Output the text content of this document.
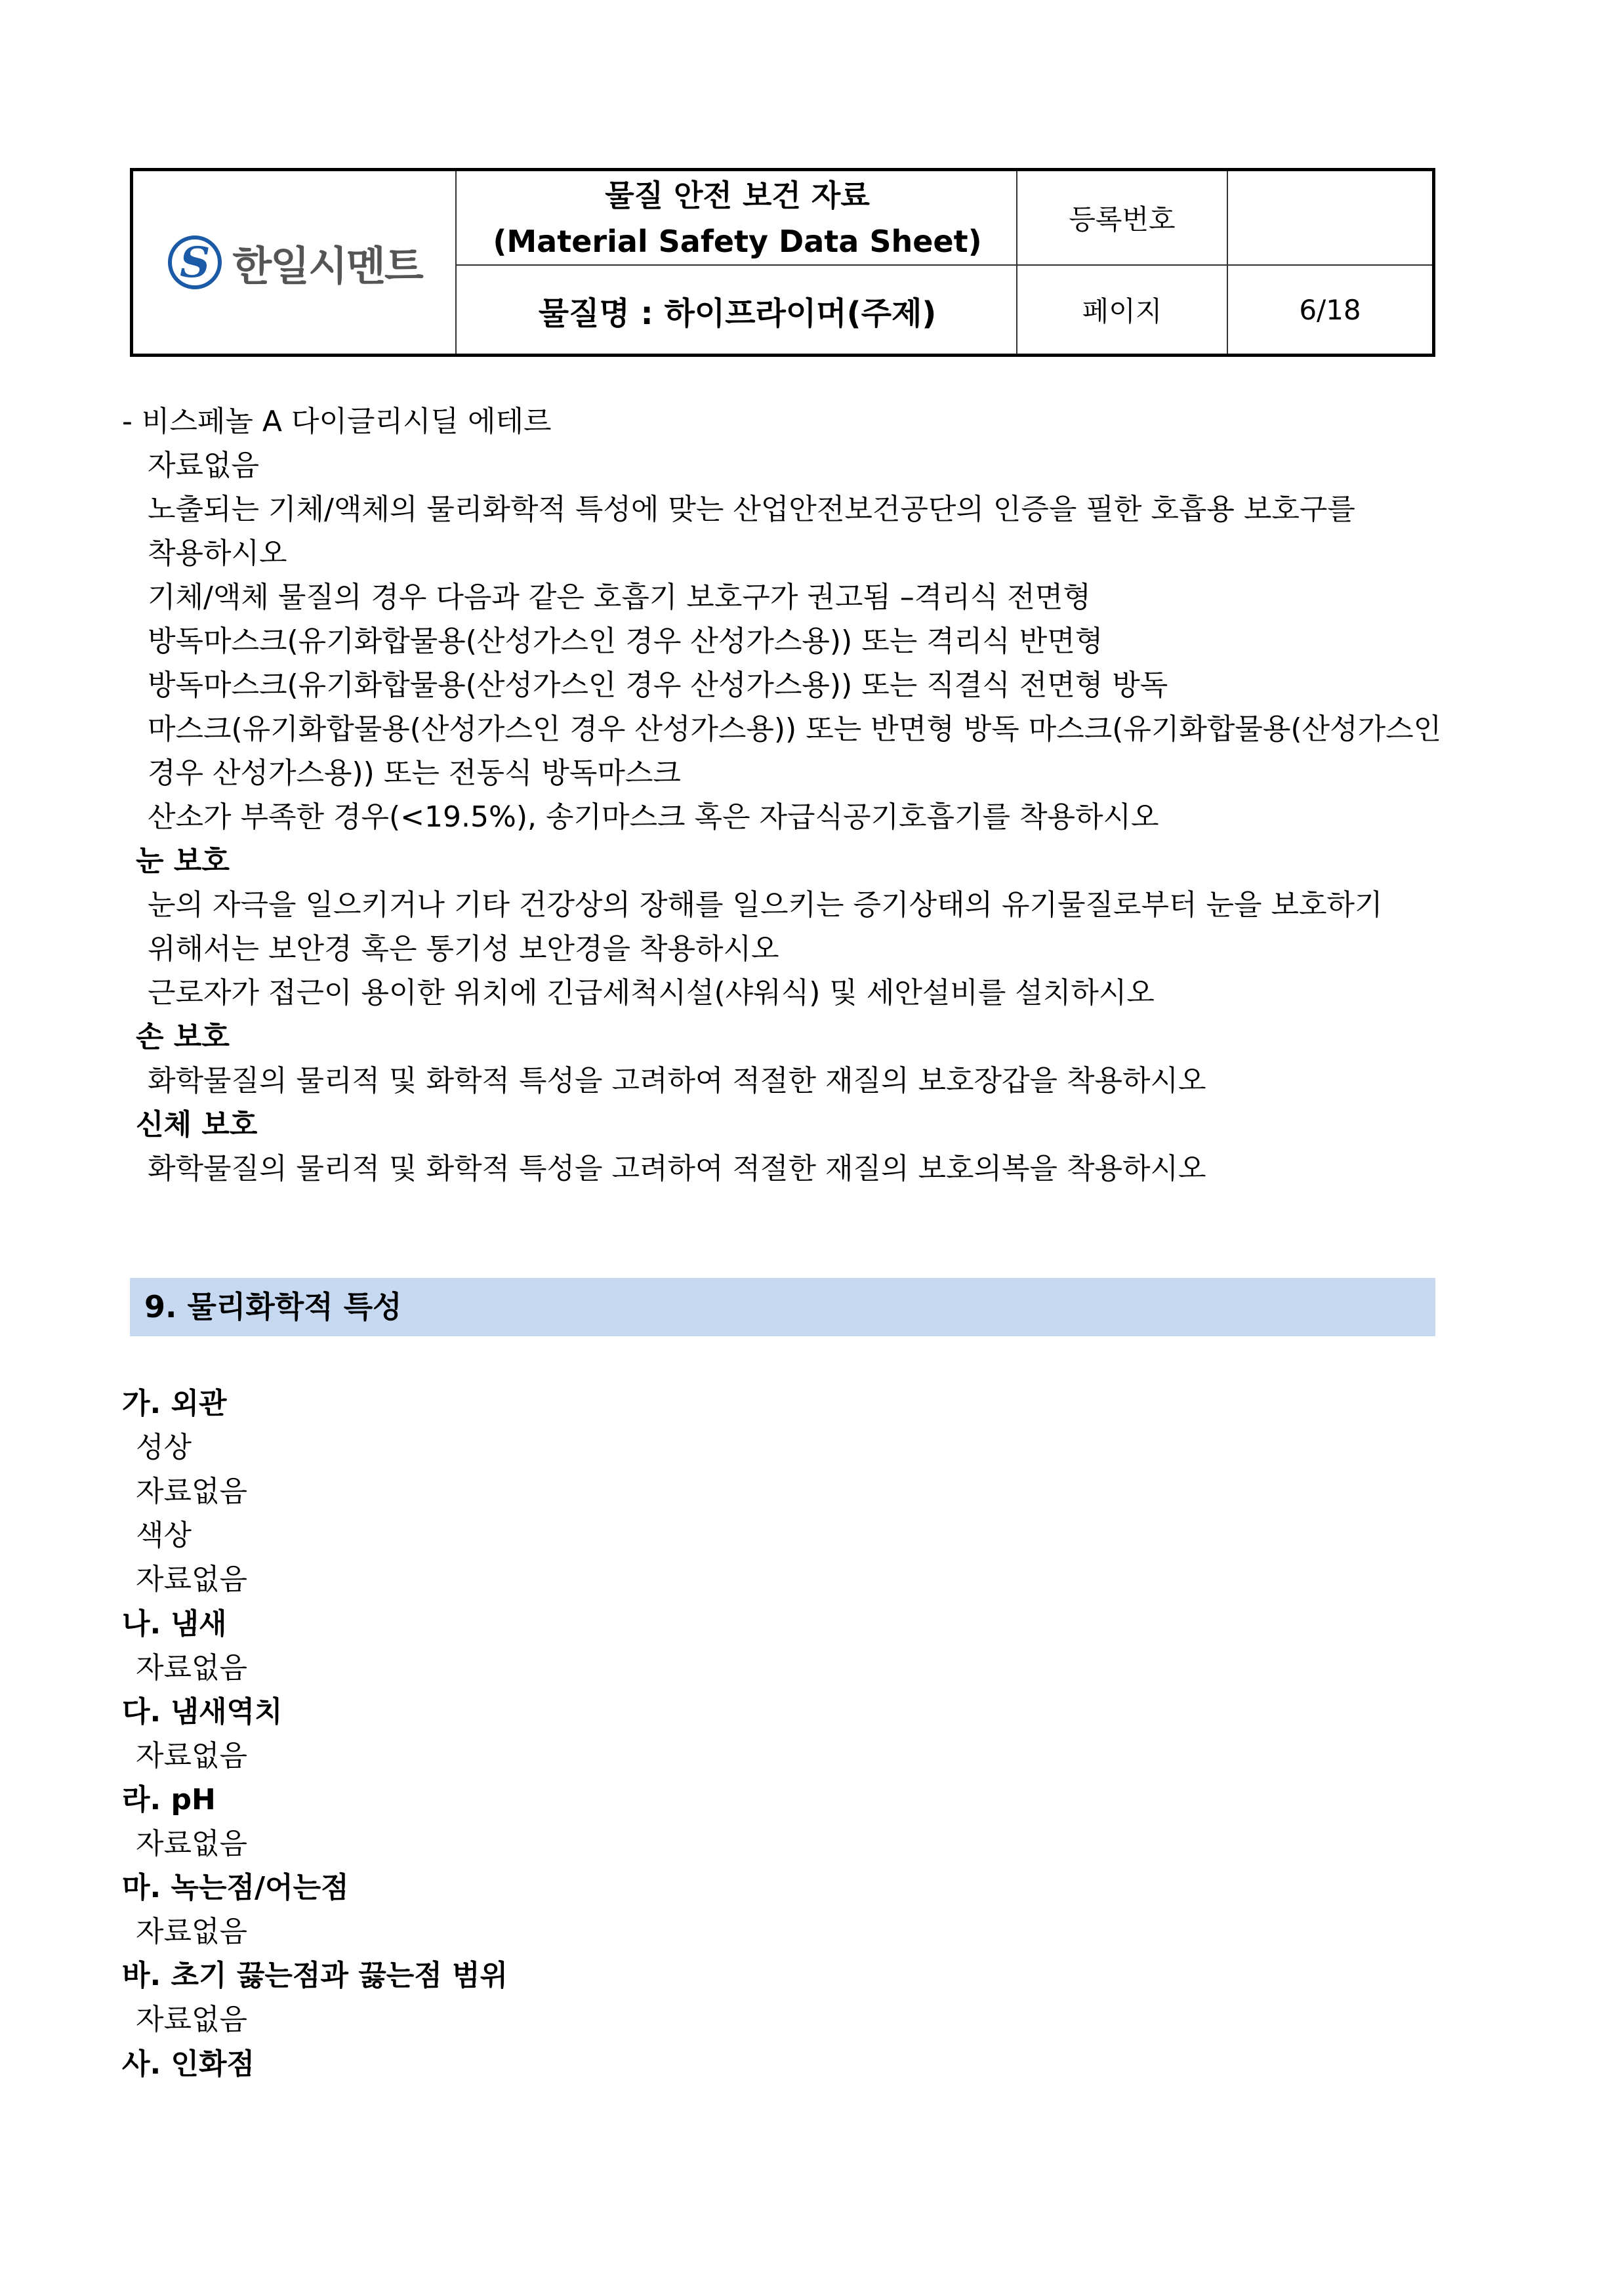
S 한일시멘트
물질 안전 보건 자료
(Material Safety Data Sheet)
물질명 : 하이프라이머(주제)
등록번호
페이지	6/18
- 비스페놀 A 다이글리시딜 에테르
자료없음
노출되는 기체/액체의 물리화학적 특성에 맞는 산업안전보건공단의 인증을 필한 호흡용 보호구를
착용하시오
기체/액체 물질의 경우 다음과 같은 호흡기 보호구가 권고됨 –격리식 전면형
방독마스크(유기화합물용(산성가스인 경우 산성가스용)) 또는 격리식 반면형
방독마스크(유기화합물용(산성가스인 경우 산성가스용)) 또는 직결식 전면형 방독
마스크(유기화합물용(산성가스인 경우 산성가스용)) 또는 반면형 방독 마스크(유기화합물용(산성가스인
경우 산성가스용)) 또는 전동식 방독마스크
산소가 부족한 경우(<19.5%), 송기마스크 혹은 자급식공기호흡기를 착용하시오
눈 보호
눈의 자극을 일으키거나 기타 건강상의 장해를 일으키는 증기상태의 유기물질로부터 눈을 보호하기
위해서는 보안경 혹은 통기성 보안경을 착용하시오
근로자가 접근이 용이한 위치에 긴급세척시설(샤워식) 및 세안설비를 설치하시오
손 보호
화학물질의 물리적 및 화학적 특성을 고려하여 적절한 재질의 보호장갑을 착용하시오
신체 보호
화학물질의 물리적 및 화학적 특성을 고려하여 적절한 재질의 보호의복을 착용하시오
9. 물리화학적 특성
가. 외관
성상
자료없음
색상
자료없음
나. 냄새
자료없음
다. 냄새역치
자료없음
라. pH
자료없음
마. 녹는점/어는점
자료없음
바. 초기 끓는점과 끓는점 범위
자료없음
사. 인화점
